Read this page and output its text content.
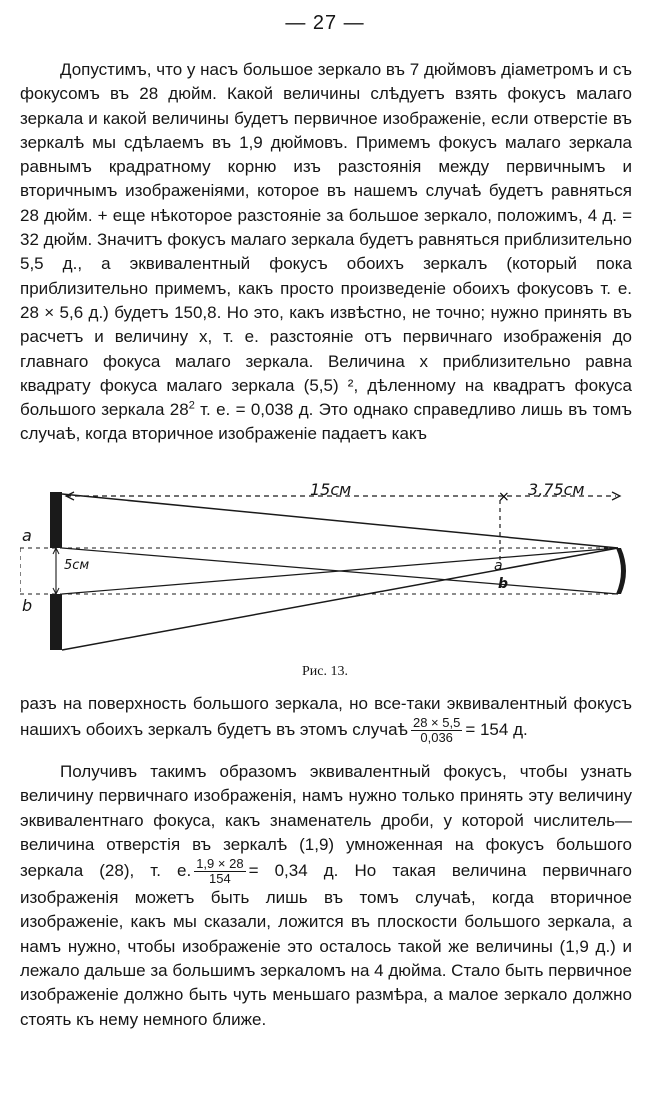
— 27 —

Допустимъ, что у насъ большое зеркало въ 7 дюймовъ діаметромъ и съ фокусомъ въ 28 дюйм. Какой величины слѣдуетъ взять фокусъ малаго зеркала и какой величины будетъ первичное изображеніе, если отверстіе въ зеркалѣ мы сдѣлаемъ въ 1,9 дюймовъ. Примемъ фокусъ малаго зеркала равнымъ крадратному корню изъ разстоянія между первичнымъ и вторичнымъ изображеніями, которое въ нашемъ случаѣ будетъ равняться 28 дюйм. + еще нѣкоторое разстояніе за большое зеркало, положимъ, 4 д. = 32 дюйм. Значитъ фокусъ малаго зеркала будетъ равняться приблизительно 5,5 д., а эквивалентный фокусъ обоихъ зеркалъ (который пока приблизительно примемъ, какъ просто произведеніе обоихъ фокусовъ т. е. 28 × 5,6 д.) будетъ 150,8. Но это, какъ извѣстно, не точно; нужно принять въ расчетъ и величину x, т. е. разстояніе отъ первичнаго изображенія до главнаго фокуса малаго зеркала. Величина x приблизительно равна квадрату фокуса малаго зеркала (5,5) ², дѣленному на квадратъ фокуса большого зеркала $28^2$ т. е. = 0,038 д. Это однако справедливо лишь въ томъ случаѣ, когда вторичное изображеніе падаетъ какъ

×
15см	3,75см
a
b
5см	a
b
Рис. 13.

разъ на поверхность большого зеркала, но все-таки эквивалентный фокусъ нашихъ обоихъ зеркалъ будетъ въ этомъ случаѣ $\frac{28 \times 5,5}{0,036} = 154$ д.

Получивъ такимъ образомъ эквивалентный фокусъ, чтобы узнать величину первичнаго изображенія, намъ нужно только принять эту величину эквивалентнаго фокуса, какъ знаменатель дроби, у которой числитель—величина отверстія въ зеркалѣ (1,9) умноженная на фокусъ большого зеркала (28), т. е. $\frac{1,9 \times 28}{154} = 0,34$ д. Но такая величина первичнаго изображенія можетъ быть лишь въ томъ случаѣ, когда вторичное изображеніе, какъ мы сказали, ложится въ плоскости большого зеркала, а намъ нужно, чтобы изображеніе это осталось такой же величины (1,9 д.) и лежало дальше за большимъ зеркаломъ на 4 дюйма. Стало быть первичное изображеніе должно быть чуть меньшаго размѣра, а малое зеркало должно стоять къ нему немного ближе.
